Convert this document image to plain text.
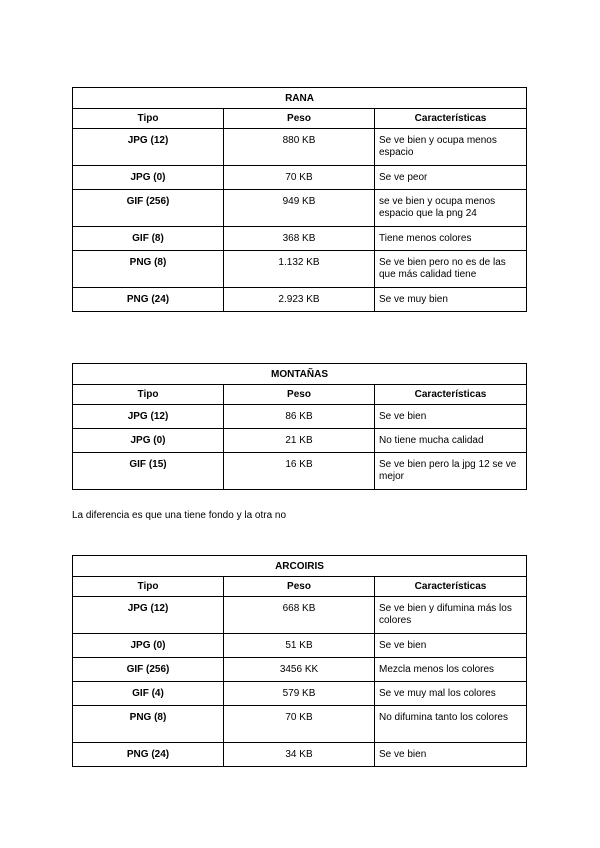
RANA		
Tipo	Peso	Características
JPG (12)	880 KB	Se ve bien y ocupa menos espacio
JPG (0)	70 KB	Se ve peor
GIF (256)	949 KB	se ve bien y ocupa menos espacio que la png 24
GIF (8)	368 KB	Tiene menos colores
PNG (8)	1.132 KB	Se ve bien pero no es de las que más calidad tiene
PNG (24)	2.923 KB	Se ve muy bien
MONTAÑAS		
Tipo	Peso	Características
JPG (12)	86 KB	Se ve bien
JPG (0)	21 KB	No tiene mucha calidad
GIF (15)	16 KB	Se ve bien pero la jpg 12 se ve mejor
La diferencia es que una tiene fondo y la otra no
ARCOIRIS		
Tipo	Peso	Características
JPG (12)	668 KB	Se ve bien y difumina más los colores
JPG (0)	51 KB	Se ve bien
GIF (256)	3456 KK	Mezcla menos los colores
GIF (4)	579 KB	Se ve muy mal los colores
PNG (8)	70 KB	No difumina tanto los colores
PNG (24)	34 KB	Se ve bien
